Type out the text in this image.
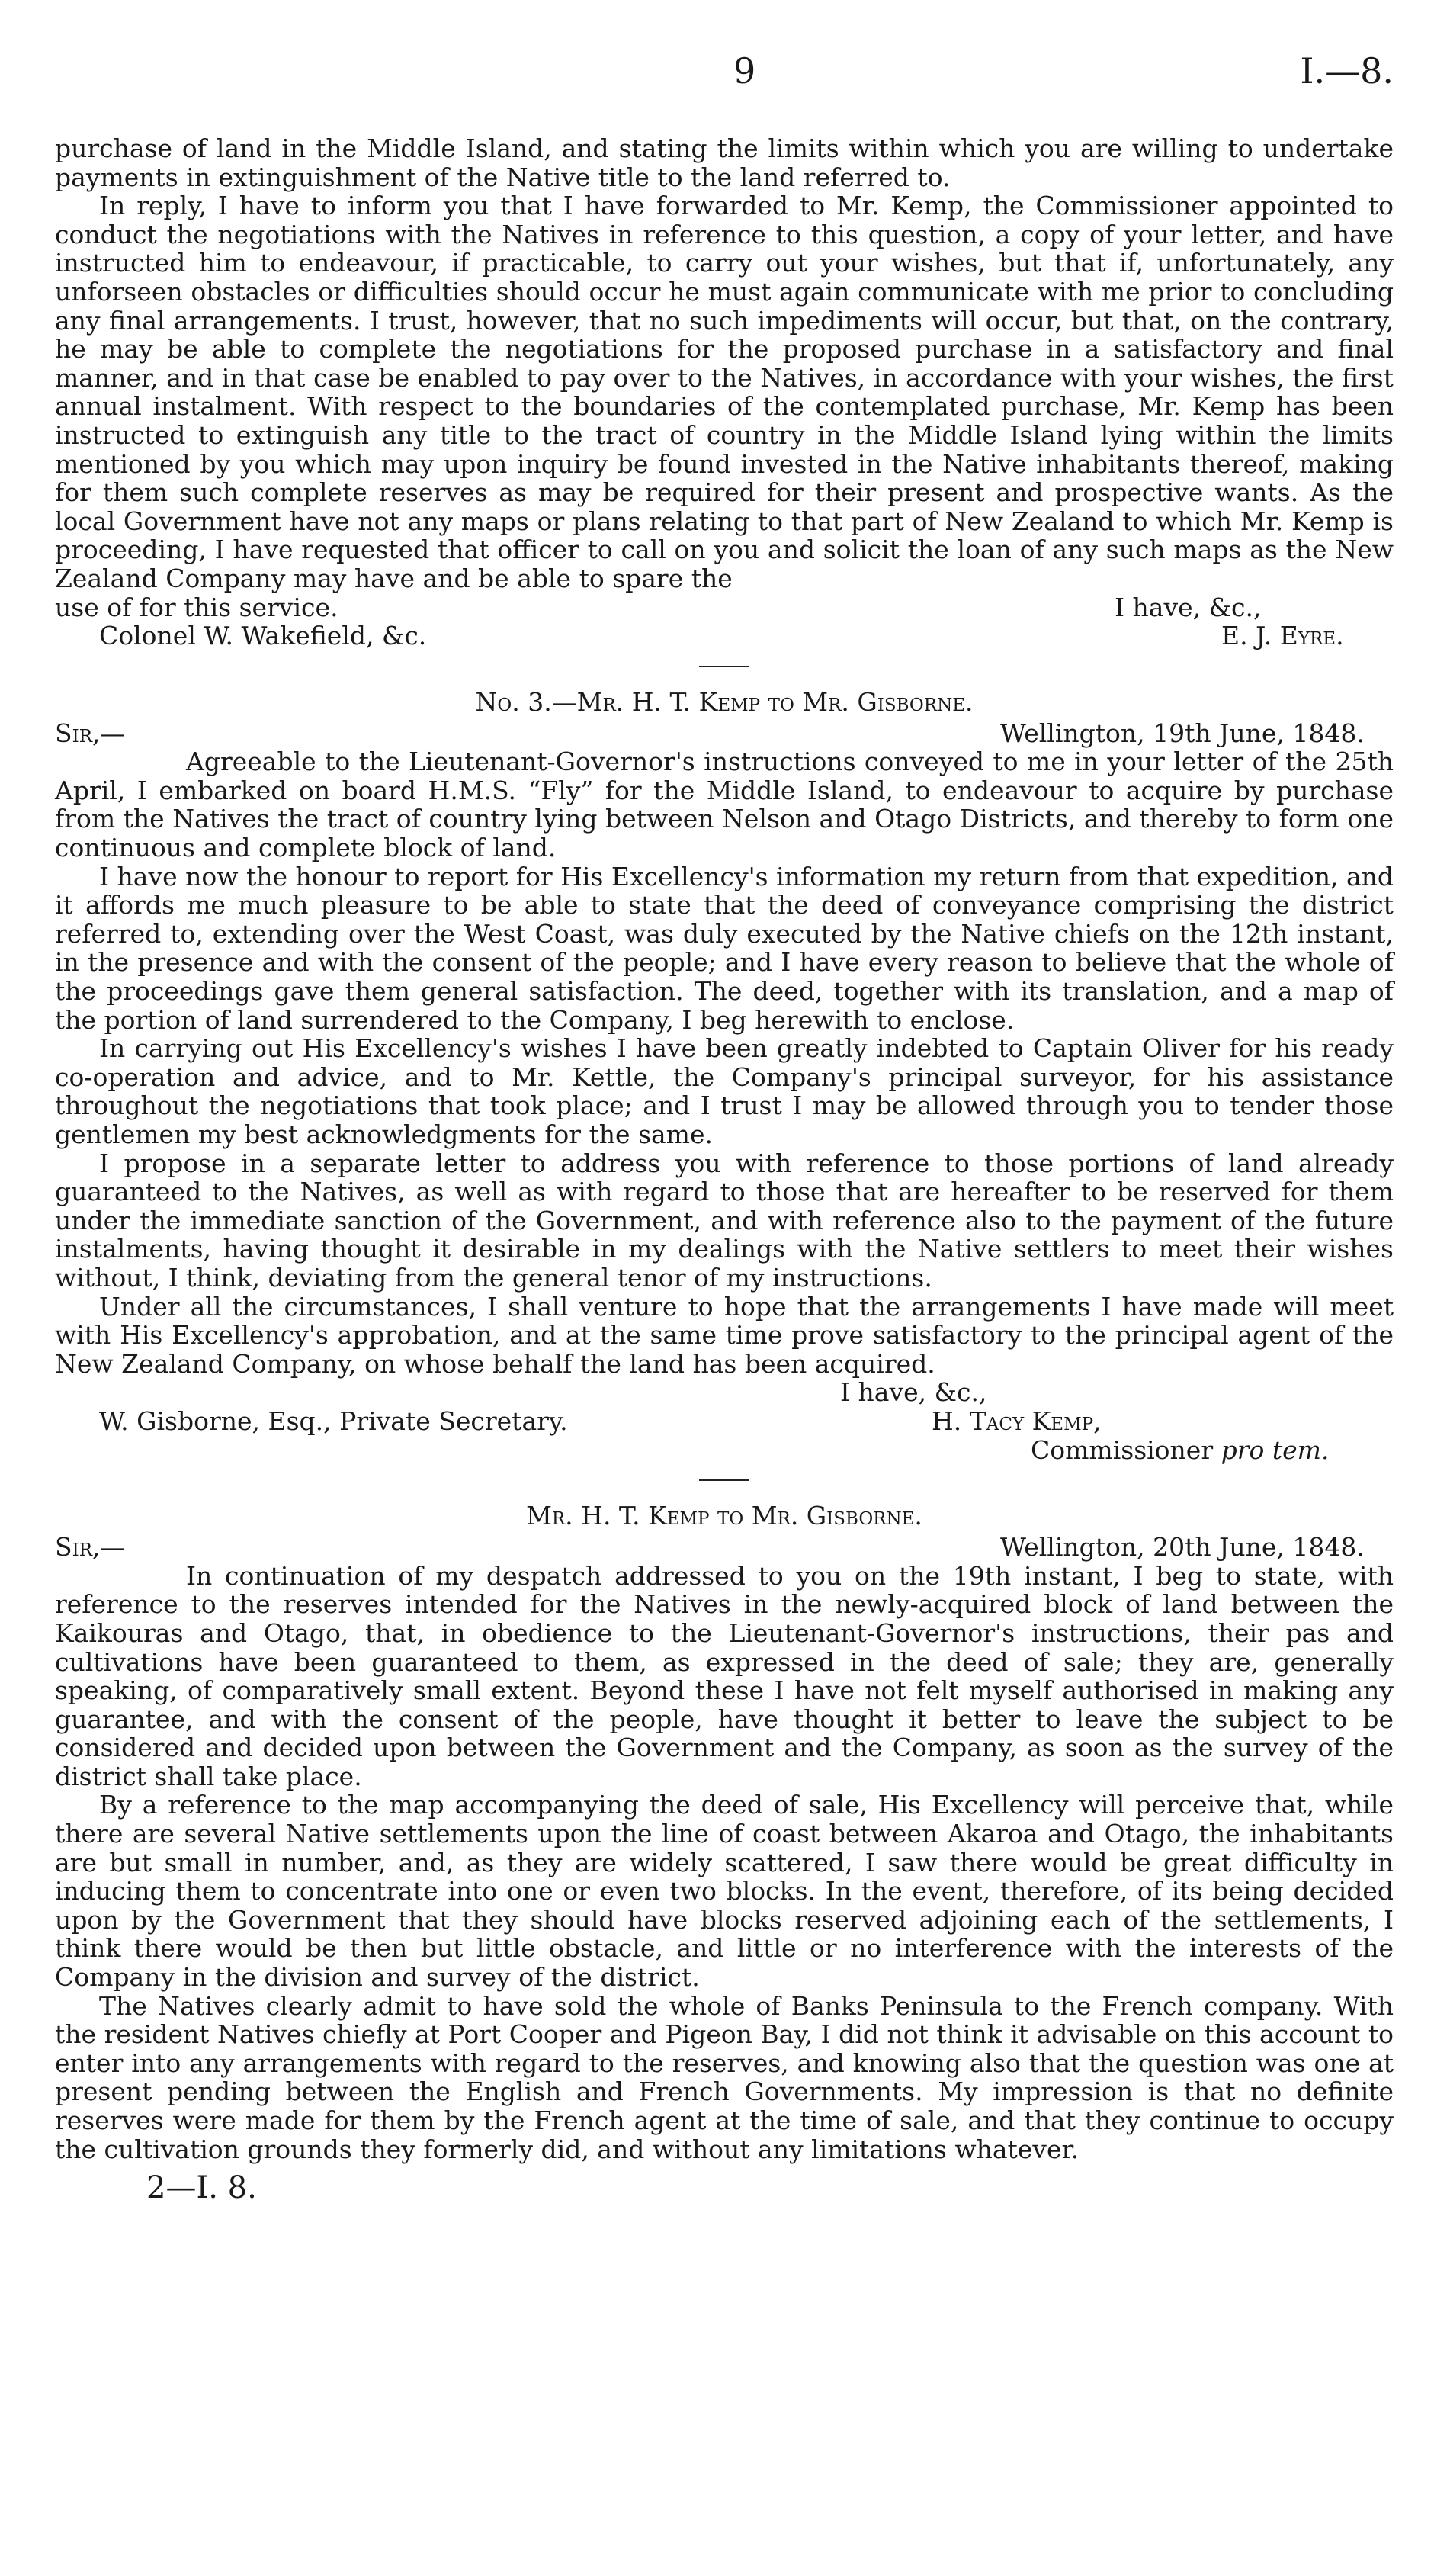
9	I.—8.

purchase of land in the Middle Island, and stating the limits within which you are willing to undertake payments in extinguishment of the Native title to the land referred to.

In reply, I have to inform you that I have forwarded to Mr. Kemp, the Commissioner appointed to conduct the negotiations with the Natives in reference to this question, a copy of your letter, and have instructed him to endeavour, if practicable, to carry out your wishes, but that if, unfortunately, any unforseen obstacles or difficulties should occur he must again communicate with me prior to concluding any final arrangements. I trust, however, that no such impediments will occur, but that, on the contrary, he may be able to complete the negotiations for the proposed purchase in a satisfactory and final manner, and in that case be enabled to pay over to the Natives, in accordance with your wishes, the first annual instalment. With respect to the boundaries of the contemplated purchase, Mr. Kemp has been instructed to extinguish any title to the tract of country in the Middle Island lying within the limits mentioned by you which may upon inquiry be found invested in the Native inhabitants thereof, making for them such complete reserves as may be required for their present and prospective wants. As the local Government have not any maps or plans relating to that part of New Zealand to which Mr. Kemp is proceeding, I have requested that officer to call on you and solicit the loan of any such maps as the New Zealand Company may have and be able to spare the

use of for this service.	I have, &c.,
Colonel W. Wakefield, &c.	E. J. Eyre.
No. 3.—Mr. H. T. Kemp to Mr. Gisborne.
Sir,—	Wellington, 19th June, 1848.

Agreeable to the Lieutenant-Governor's instructions conveyed to me in your letter of the 25th April, I embarked on board H.M.S. “Fly” for the Middle Island, to endeavour to acquire by purchase from the Natives the tract of country lying between Nelson and Otago Districts, and thereby to form one continuous and complete block of land.

I have now the honour to report for His Excellency's information my return from that expedition, and it affords me much pleasure to be able to state that the deed of conveyance comprising the district referred to, extending over the West Coast, was duly executed by the Native chiefs on the 12th instant, in the presence and with the consent of the people; and I have every reason to believe that the whole of the proceedings gave them general satisfaction. The deed, together with its translation, and a map of the portion of land surrendered to the Company, I beg herewith to enclose.

In carrying out His Excellency's wishes I have been greatly indebted to Captain Oliver for his ready co-operation and advice, and to Mr. Kettle, the Company's principal surveyor, for his assistance throughout the negotiations that took place; and I trust I may be allowed through you to tender those gentlemen my best acknowledgments for the same.

I propose in a separate letter to address you with reference to those portions of land already guaranteed to the Natives, as well as with regard to those that are hereafter to be reserved for them under the immediate sanction of the Government, and with reference also to the payment of the future instalments, having thought it desirable in my dealings with the Native settlers to meet their wishes without, I think, deviating from the general tenor of my instructions.

Under all the circumstances, I shall venture to hope that the arrangements I have made will meet with His Excellency's approbation, and at the same time prove satisfactory to the principal agent of the New Zealand Company, on whose behalf the land has been acquired.

I have, &c.,
W. Gisborne, Esq., Private Secretary.	H. Tacy Kemp,
Commissioner pro tem.
Mr. H. T. Kemp to Mr. Gisborne.
Sir,—	Wellington, 20th June, 1848.

In continuation of my despatch addressed to you on the 19th instant, I beg to state, with reference to the reserves intended for the Natives in the newly-acquired block of land between the Kaikouras and Otago, that, in obedience to the Lieutenant-Governor's instructions, their pas and cultivations have been guaranteed to them, as expressed in the deed of sale; they are, generally speaking, of comparatively small extent. Beyond these I have not felt myself authorised in making any guarantee, and with the consent of the people, have thought it better to leave the subject to be considered and decided upon between the Government and the Company, as soon as the survey of the district shall take place.

By a reference to the map accompanying the deed of sale, His Excellency will perceive that, while there are several Native settlements upon the line of coast between Akaroa and Otago, the inhabitants are but small in number, and, as they are widely scattered, I saw there would be great difficulty in inducing them to concentrate into one or even two blocks. In the event, therefore, of its being decided upon by the Government that they should have blocks reserved adjoining each of the settlements, I think there would be then but little obstacle, and little or no interference with the interests of the Company in the division and survey of the district.

The Natives clearly admit to have sold the whole of Banks Peninsula to the French company. With the resident Natives chiefly at Port Cooper and Pigeon Bay, I did not think it advisable on this account to enter into any arrangements with regard to the reserves, and knowing also that the question was one at present pending between the English and French Governments. My impression is that no definite reserves were made for them by the French agent at the time of sale, and that they continue to occupy the cultivation grounds they formerly did, and without any limitations whatever.

2—I. 8.
